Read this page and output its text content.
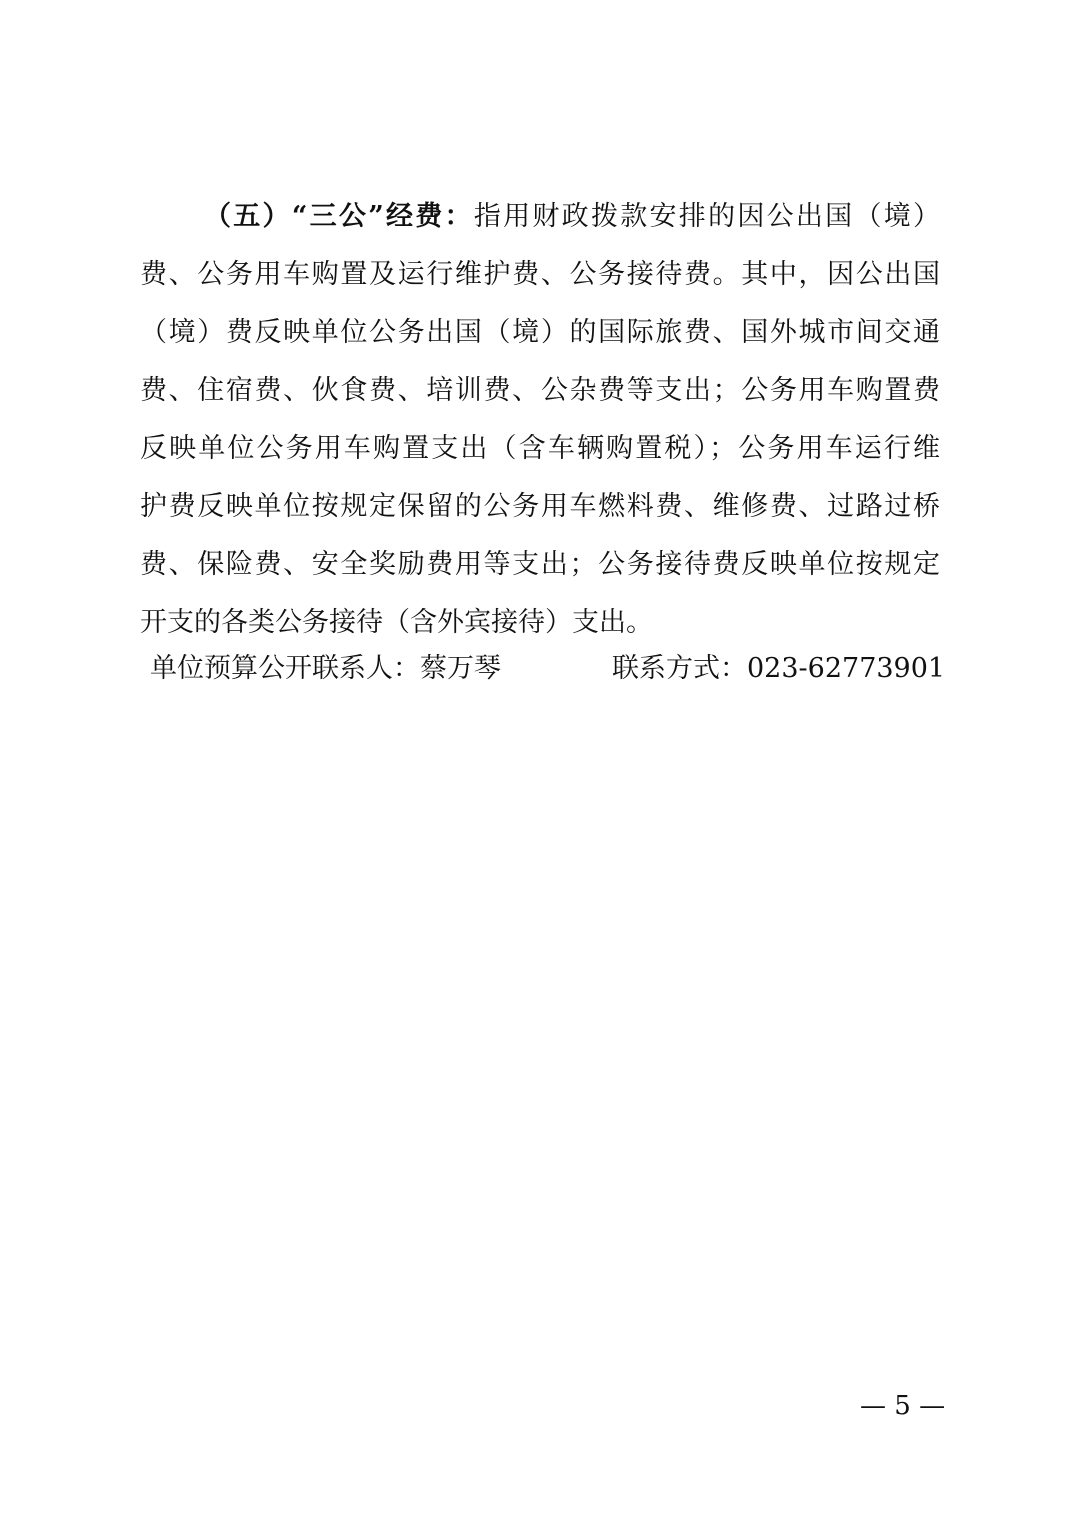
（五）“三公”经费：指用财政拨款安排的因公出国（境）
费、公务用车购置及运行维护费、公务接待费。其中，因公出国
（境）费反映单位公务出国（境）的国际旅费、国外城市间交通
费、住宿费、伙食费、培训费、公杂费等支出；公务用车购置费
反映单位公务用车购置支出（含车辆购置税）；公务用车运行维
护费反映单位按规定保留的公务用车燃料费、维修费、过路过桥
费、保险费、安全奖励费用等支出；公务接待费反映单位按规定
开支的各类公务接待（含外宾接待）支出。
单位预算公开联系人：蔡万琴	联系方式：023-62773901
— 5 —
